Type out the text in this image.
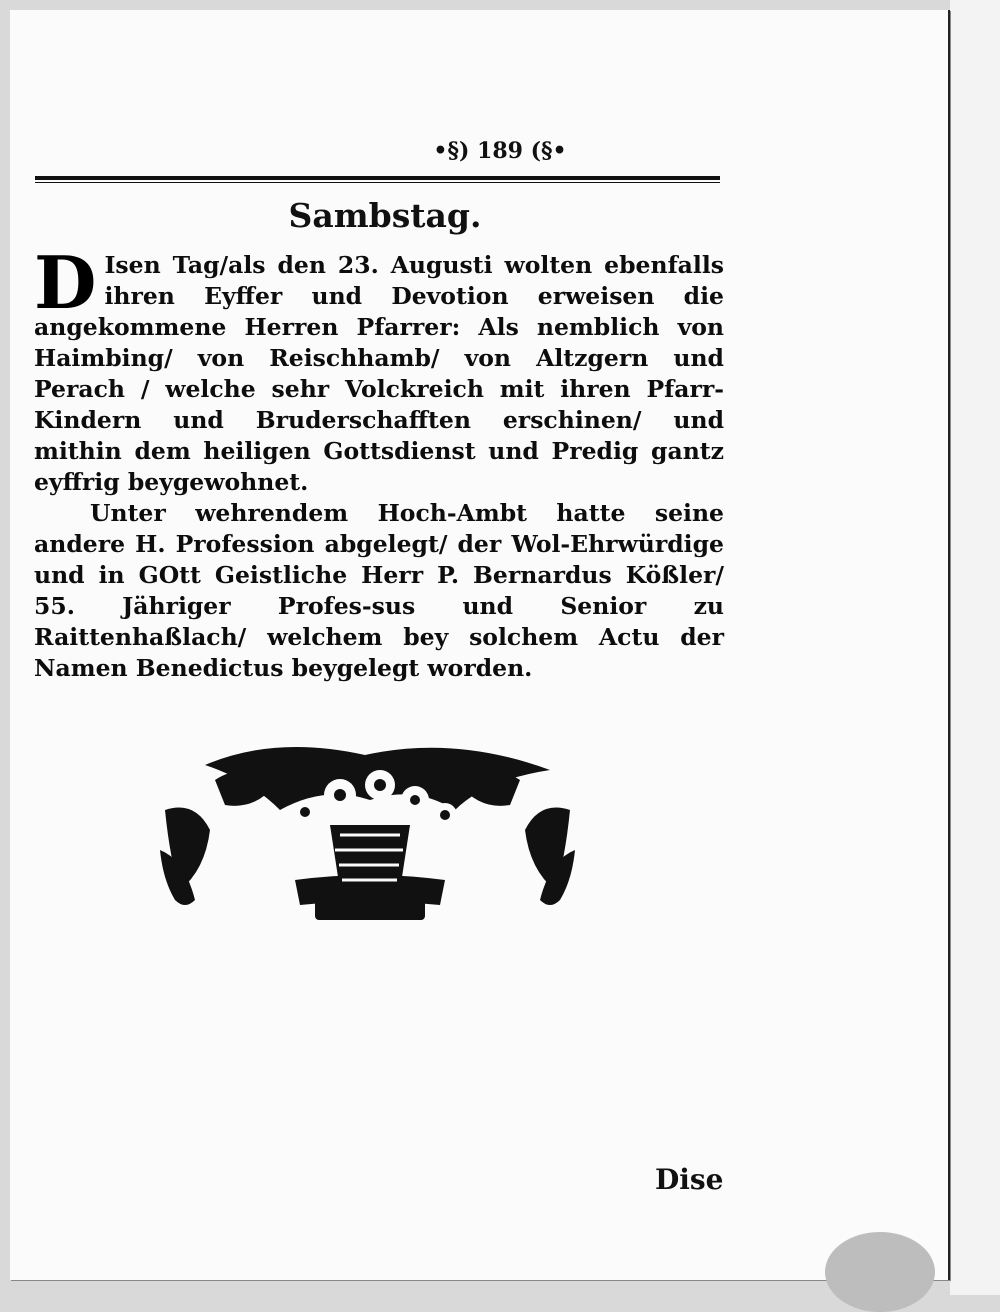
•§) 189 (§•
Sambstag.

D Isen Tag/als den 23. Augusti wolten ebenfalls ihren Eyffer und Devotion erweisen die angekommene Herren Pfarrer: Als nemblich von Haimbing/ von Reischhamb/ von Altzgern und Perach / welche sehr Volckreich mit ihren Pfarr-Kindern und Bruderschafften erschinen/ und mithin dem heiligen Gottsdienst und Predig gantz eyffrig beygewohnet.

Unter wehrendem Hoch-Ambt hatte seine andere H. Profession abgelegt/ der Wol-Ehrwürdige und in GOtt Geistliche Herr P. Bernardus Kößler/ 55. Jähriger Profes-sus und Senior zu Raittenhaßlach/ welchem bey solchem Actu der Namen Benedictus beygelegt worden.

Dise
